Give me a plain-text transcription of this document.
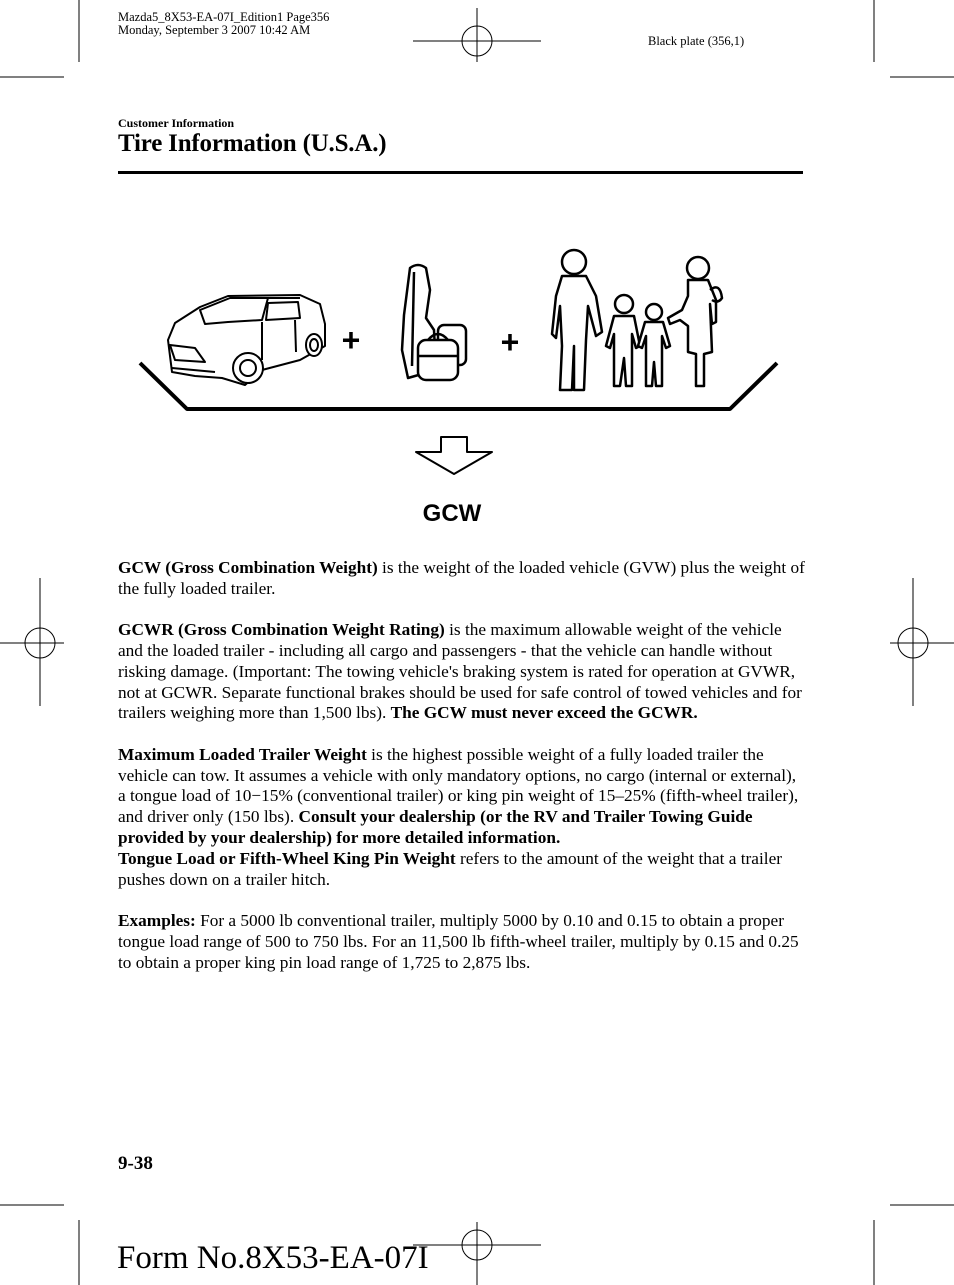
Mazda5_8X53-EA-07I_Edition1 Page356
Monday, September 3 2007 10:42 AM
Black plate (356,1)
Customer Information
Tire Information (U.S.A.)
+	+
GCW

GCW (Gross Combination Weight) is the weight of the loaded vehicle (GVW) plus the weight of the fully loaded trailer.

GCWR (Gross Combination Weight Rating) is the maximum allowable weight of the vehicle and the loaded trailer - including all cargo and passengers - that the vehicle can handle without risking damage. (Important: The towing vehicle's braking system is rated for operation at GVWR, not at GCWR. Separate functional brakes should be used for safe control of towed vehicles and for trailers weighing more than 1,500 lbs). The GCW must never exceed the GCWR.

Maximum Loaded Trailer Weight is the highest possible weight of a fully loaded trailer the vehicle can tow. It assumes a vehicle with only mandatory options, no cargo (internal or external), a tongue load of 10−15% (conventional trailer) or king pin weight of 15–25% (fifth-wheel trailer), and driver only (150 lbs). Consult your dealership (or the RV and Trailer Towing Guide provided by your dealership) for more detailed information.
Tongue Load or Fifth-Wheel King Pin Weight refers to the amount of the weight that a trailer pushes down on a trailer hitch.

Examples: For a 5000 lb conventional trailer, multiply 5000 by 0.10 and 0.15 to obtain a proper tongue load range of 500 to 750 lbs. For an 11,500 lb fifth-wheel trailer, multiply by 0.15 and 0.25 to obtain a proper king pin load range of 1,725 to 2,875 lbs.

9-38
Form No.8X53-EA-07I
